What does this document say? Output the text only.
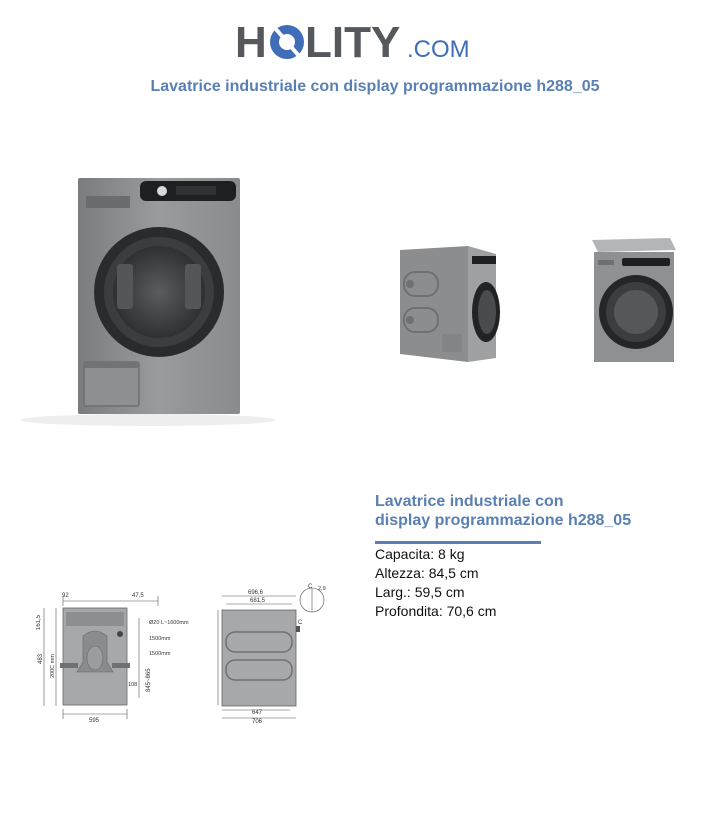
H LITY .COM
Lavatrice industriale con display programmazione h288_05
92	47,5
161,5	Ø20 L~1600mm
1500mm
1500mm
483 200C mm
845~865
108
595
696,6
681,5
647
706
C
C
2,9
Lavatrice industriale con
display programmazione h288_05
Capacita: 8 kg
Altezza: 84,5 cm
Larg.: 59,5 cm
Profondita: 70,6 cm
